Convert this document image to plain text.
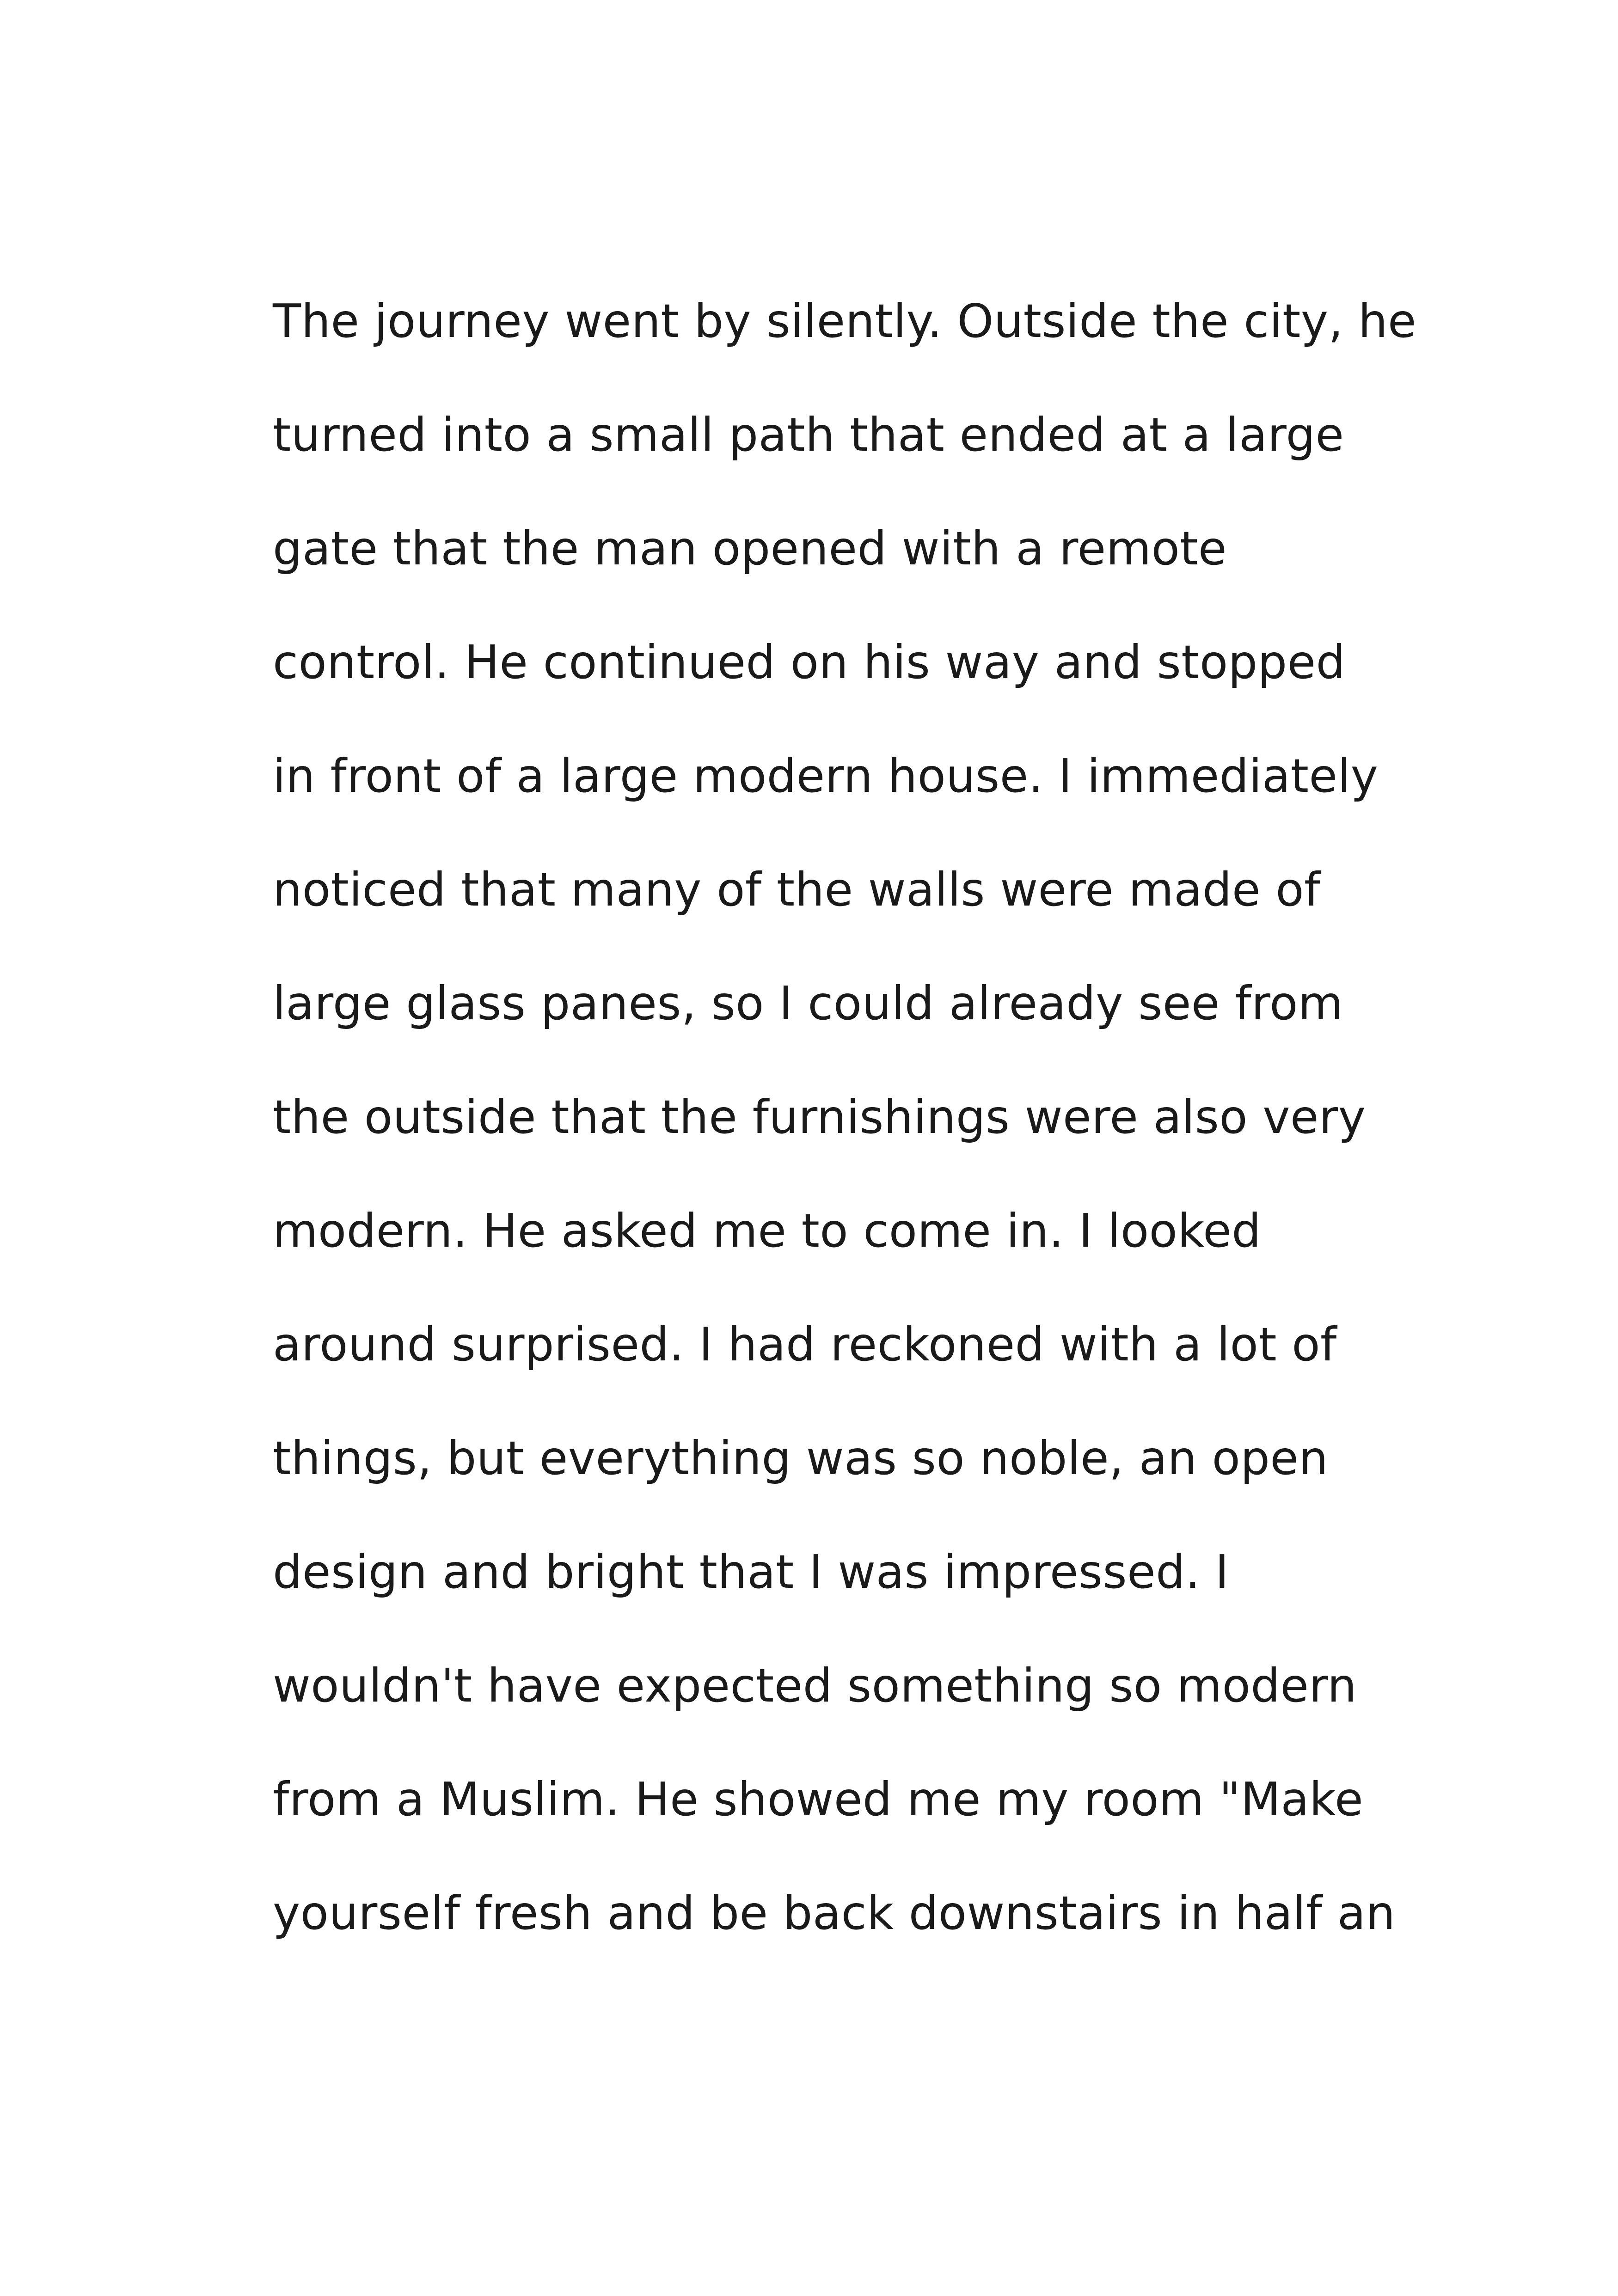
The journey went by silently. Outside the city, he
turned into a small path that ended at a large
gate that the man opened with a remote
control. He continued on his way and stopped
in front of a large modern house. I immediately
noticed that many of the walls were made of
large glass panes, so I could already see from
the outside that the furnishings were also very
modern. He asked me to come in. I looked
around surprised. I had reckoned with a lot of
things, but everything was so noble, an open
design and bright that I was impressed. I
wouldn't have expected something so modern
from a Muslim. He showed me my room "Make
yourself fresh and be back downstairs in half an
